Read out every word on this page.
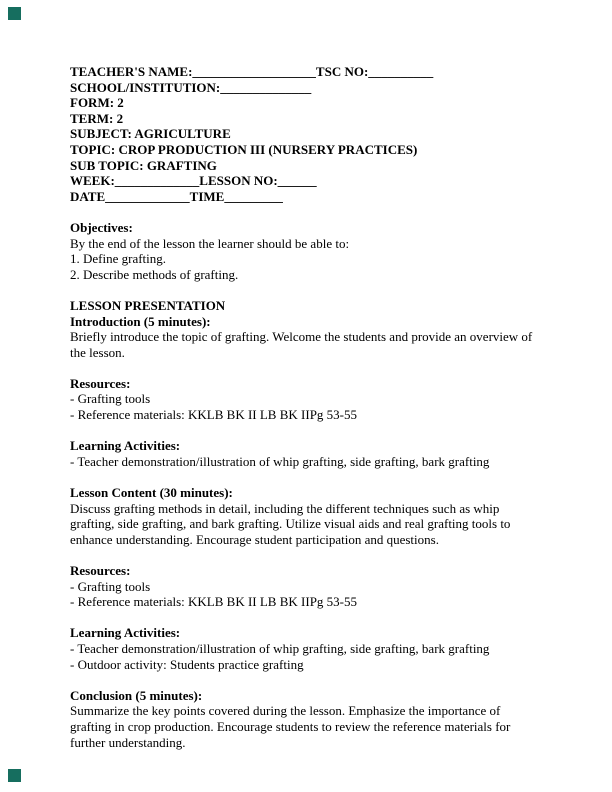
TEACHER'S NAME:___________________TSC NO:__________

SCHOOL/INSTITUTION:______________

FORM: 2

TERM: 2

SUBJECT: AGRICULTURE

TOPIC: CROP PRODUCTION III (NURSERY PRACTICES)

SUB TOPIC: GRAFTING

WEEK:_____________LESSON NO:______

DATE_____________TIME_________

Objectives:

By the end of the lesson the learner should be able to:

1. Define grafting.

2. Describe methods of grafting.

LESSON PRESENTATION

Introduction (5 minutes):

Briefly introduce the topic of grafting. Welcome the students and provide an overview of the lesson.

Resources:

- Grafting tools

- Reference materials: KKLB BK II LB BK IIPg 53-55

Learning Activities:

- Teacher demonstration/illustration of whip grafting, side grafting, bark grafting

Lesson Content (30 minutes):

Discuss grafting methods in detail, including the different techniques such as whip grafting, side grafting, and bark grafting. Utilize visual aids and real grafting tools to enhance understanding. Encourage student participation and questions.

Resources:

- Grafting tools

- Reference materials: KKLB BK II LB BK IIPg 53-55

Learning Activities:

- Teacher demonstration/illustration of whip grafting, side grafting, bark grafting

- Outdoor activity: Students practice grafting

Conclusion (5 minutes):

Summarize the key points covered during the lesson. Emphasize the importance of grafting in crop production. Encourage students to review the reference materials for further understanding.
